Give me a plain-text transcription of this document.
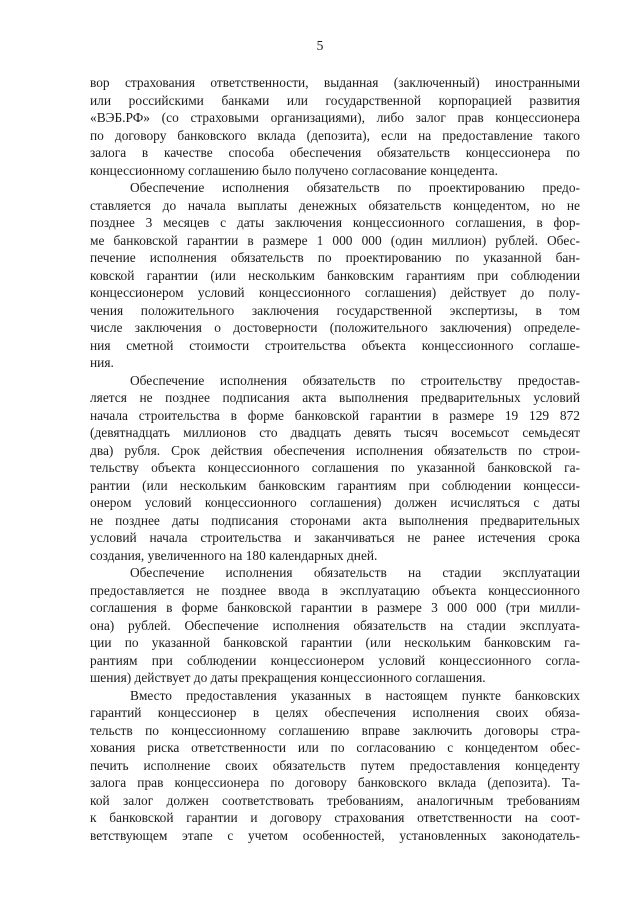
5
вор страхования ответственности, выданная (заключенный) иностранными
или российскими банками или государственной корпорацией развития
«ВЭБ.РФ» (со страховыми организациями), либо залог прав концессионера
по договору банковского вклада (депозита), если на предоставление такого
залога в качестве способа обеспечения обязательств концессионера по
концессионному соглашению было получено согласование концедента.
Обеспечение исполнения обязательств по проектированию предо-
ставляется до начала выплаты денежных обязательств концедентом, но не
позднее 3 месяцев с даты заключения концессионного соглашения, в фор-
ме банковской гарантии в размере 1 000 000 (один миллион) рублей. Обес-
печение исполнения обязательств по проектированию по указанной бан-
ковской гарантии (или нескольким банковским гарантиям при соблюдении
концессионером условий концессионного соглашения) действует до полу-
чения положительного заключения государственной экспертизы, в том
числе заключения о достоверности (положительного заключения) определе-
ния сметной стоимости строительства объекта концессионного соглаше-
ния.
Обеспечение исполнения обязательств по строительству предостав-
ляется не позднее подписания акта выполнения предварительных условий
начала строительства в форме банковской гарантии в размере 19 129 872
(девятнадцать миллионов сто двадцать девять тысяч восемьсот семьдесят
два) рубля. Срок действия обеспечения исполнения обязательств по строи-
тельству объекта концессионного соглашения по указанной банковской га-
рантии (или нескольким банковским гарантиям при соблюдении концесси-
онером условий концессионного соглашения) должен исчисляться с даты
не позднее даты подписания сторонами акта выполнения предварительных
условий начала строительства и заканчиваться не ранее истечения срока
создания, увеличенного на 180 календарных дней.
Обеспечение исполнения обязательств на стадии эксплуатации
предоставляется не позднее ввода в эксплуатацию объекта концессионного
соглашения в форме банковской гарантии в размере 3 000 000 (три милли-
она) рублей. Обеспечение исполнения обязательств на стадии эксплуата-
ции по указанной банковской гарантии (или нескольким банковским га-
рантиям при соблюдении концессионером условий концессионного согла-
шения) действует до даты прекращения концессионного соглашения.
Вместо предоставления указанных в настоящем пункте банковских
гарантий концессионер в целях обеспечения исполнения своих обяза-
тельств по концессионному соглашению вправе заключить договоры стра-
хования риска ответственности или по согласованию с концедентом обес-
печить исполнение своих обязательств путем предоставления концеденту
залога прав концессионера по договору банковского вклада (депозита). Та-
кой залог должен соответствовать требованиям, аналогичным требованиям
к банковской гарантии и договору страхования ответственности на соот-
ветствующем этапе с учетом особенностей, установленных законодатель-
